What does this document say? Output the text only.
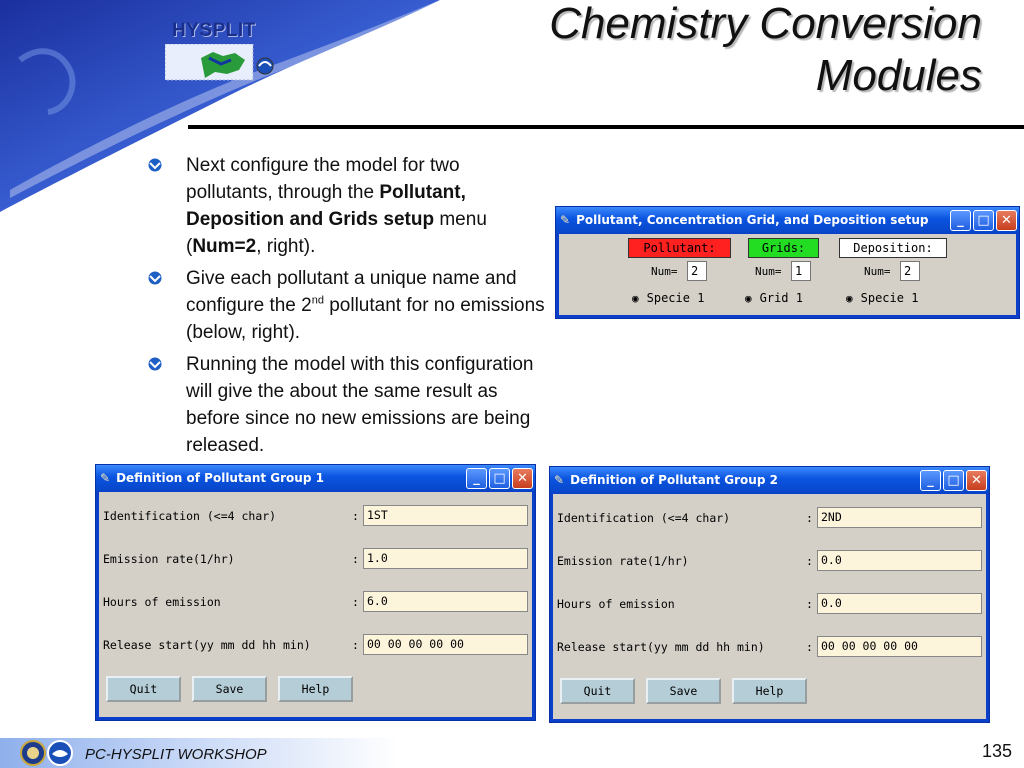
HYSPLIT	Chemistry Conversion
Modules
Next configure the model for two pollutants, through the Pollutant, Deposition and Grids setup menu (Num=2, right).
Give each pollutant a unique name and configure the 2nd pollutant for no emissions (below, right).
Running the model with this configuration will give the about the same result as before since no new emissions are being released.
✎ Pollutant, Concentration Grid, and Deposition setup	_	□ ✕
Pollutant:	Grids:	Deposition:
Num=	2	Num=	1	Num=	2
◉ Specie 1	◉ Grid 1	◉ Specie 1
✎ Definition of Pollutant Group 1	_	□ ✕
Identification (<=4 char)	: 1ST
Emission rate(1/hr)	: 1.0
Hours of emission	: 6.0
Release start(yy mm dd hh min)	: 00 00 00 00 00
Quit	Save	Help
✎ Definition of Pollutant Group 2	_	□ ✕
Identification (<=4 char)	: 2ND
Emission rate(1/hr)	: 0.0
Hours of emission	: 0.0
Release start(yy mm dd hh min)	: 00 00 00 00 00
Quit	Save	Help
PC-HYSPLIT WORKSHOP	135
